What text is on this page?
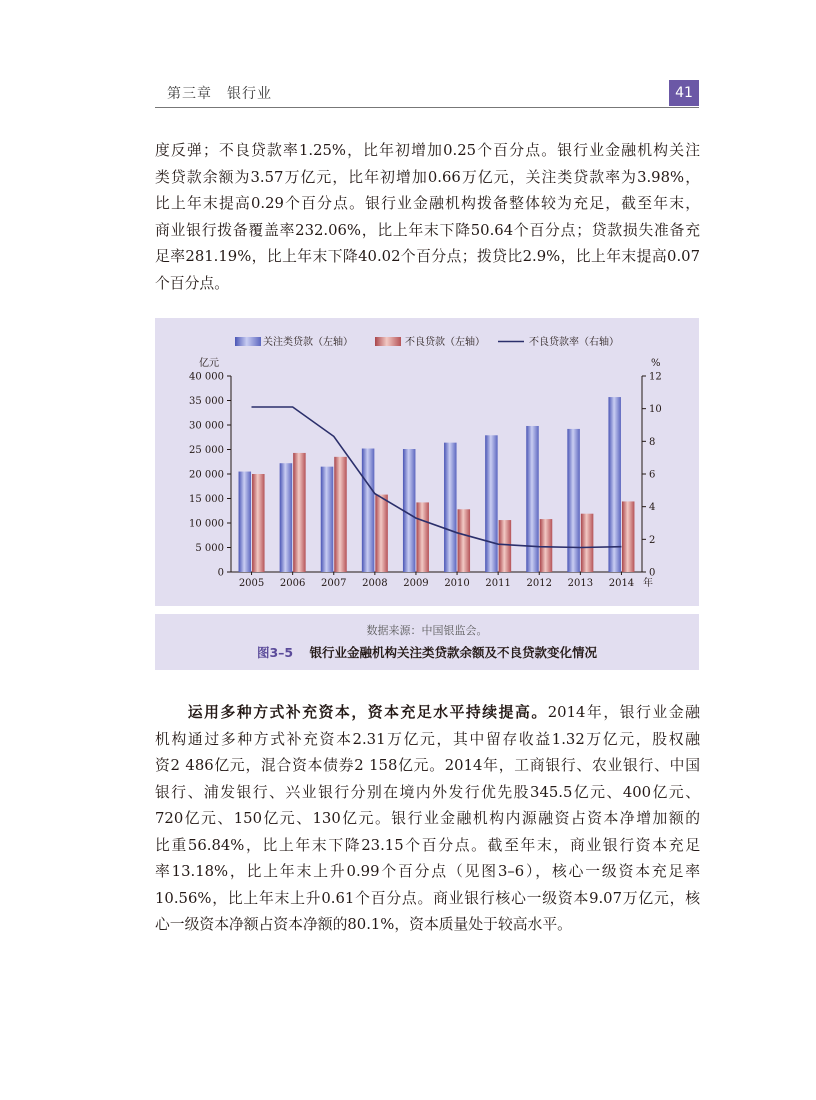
第三章　银行业	41
度反弹；不良贷款率1.25%，比年初增加0.25个百分点。银行业金融机构关注
类贷款余额为3.57万亿元，比年初增加0.66万亿元，关注类贷款率为3.98%，
比上年末提高0.29个百分点。银行业金融机构拨备整体较为充足，截至年末，
商业银行拨备覆盖率232.06%，比上年末下降50.64个百分点；贷款损失准备充
足率281.19%，比上年末下降40.02个百分点；拨贷比2.9%，比上年末提高0.07
个百分点。
关注类贷款（左轴）	不良贷款（左轴）	不良贷款率（右轴）
亿元	%
年
0
5 000
10 000
15 000
20 000
25 000
30 000
35 000
40 000
0
2
4
6
8
10
12
2005 2006 2007 2008 2009 2010 2011 2012 2013 2014
数据来源：中国银监会。
图3–5 银行业金融机构关注类贷款余额及不良贷款变化情况
　　运用多种方式补充资本，资本充足水平持续提高。2014年，银行业金融
机构通过多种方式补充资本2.31万亿元，其中留存收益1.32万亿元，股权融
资2 486亿元，混合资本债券2 158亿元。2014年，工商银行、农业银行、中国
银行、浦发银行、兴业银行分别在境内外发行优先股345.5亿元、400亿元、
720亿元、150亿元、130亿元。银行业金融机构内源融资占资本净增加额的
比重56.84%，比上年末下降23.15个百分点。截至年末，商业银行资本充足
率13.18%，比上年末上升0.99个百分点（见图3–6），核心一级资本充足率
10.56%，比上年末上升0.61个百分点。商业银行核心一级资本9.07万亿元，核
心一级资本净额占资本净额的80.1%，资本质量处于较高水平。
